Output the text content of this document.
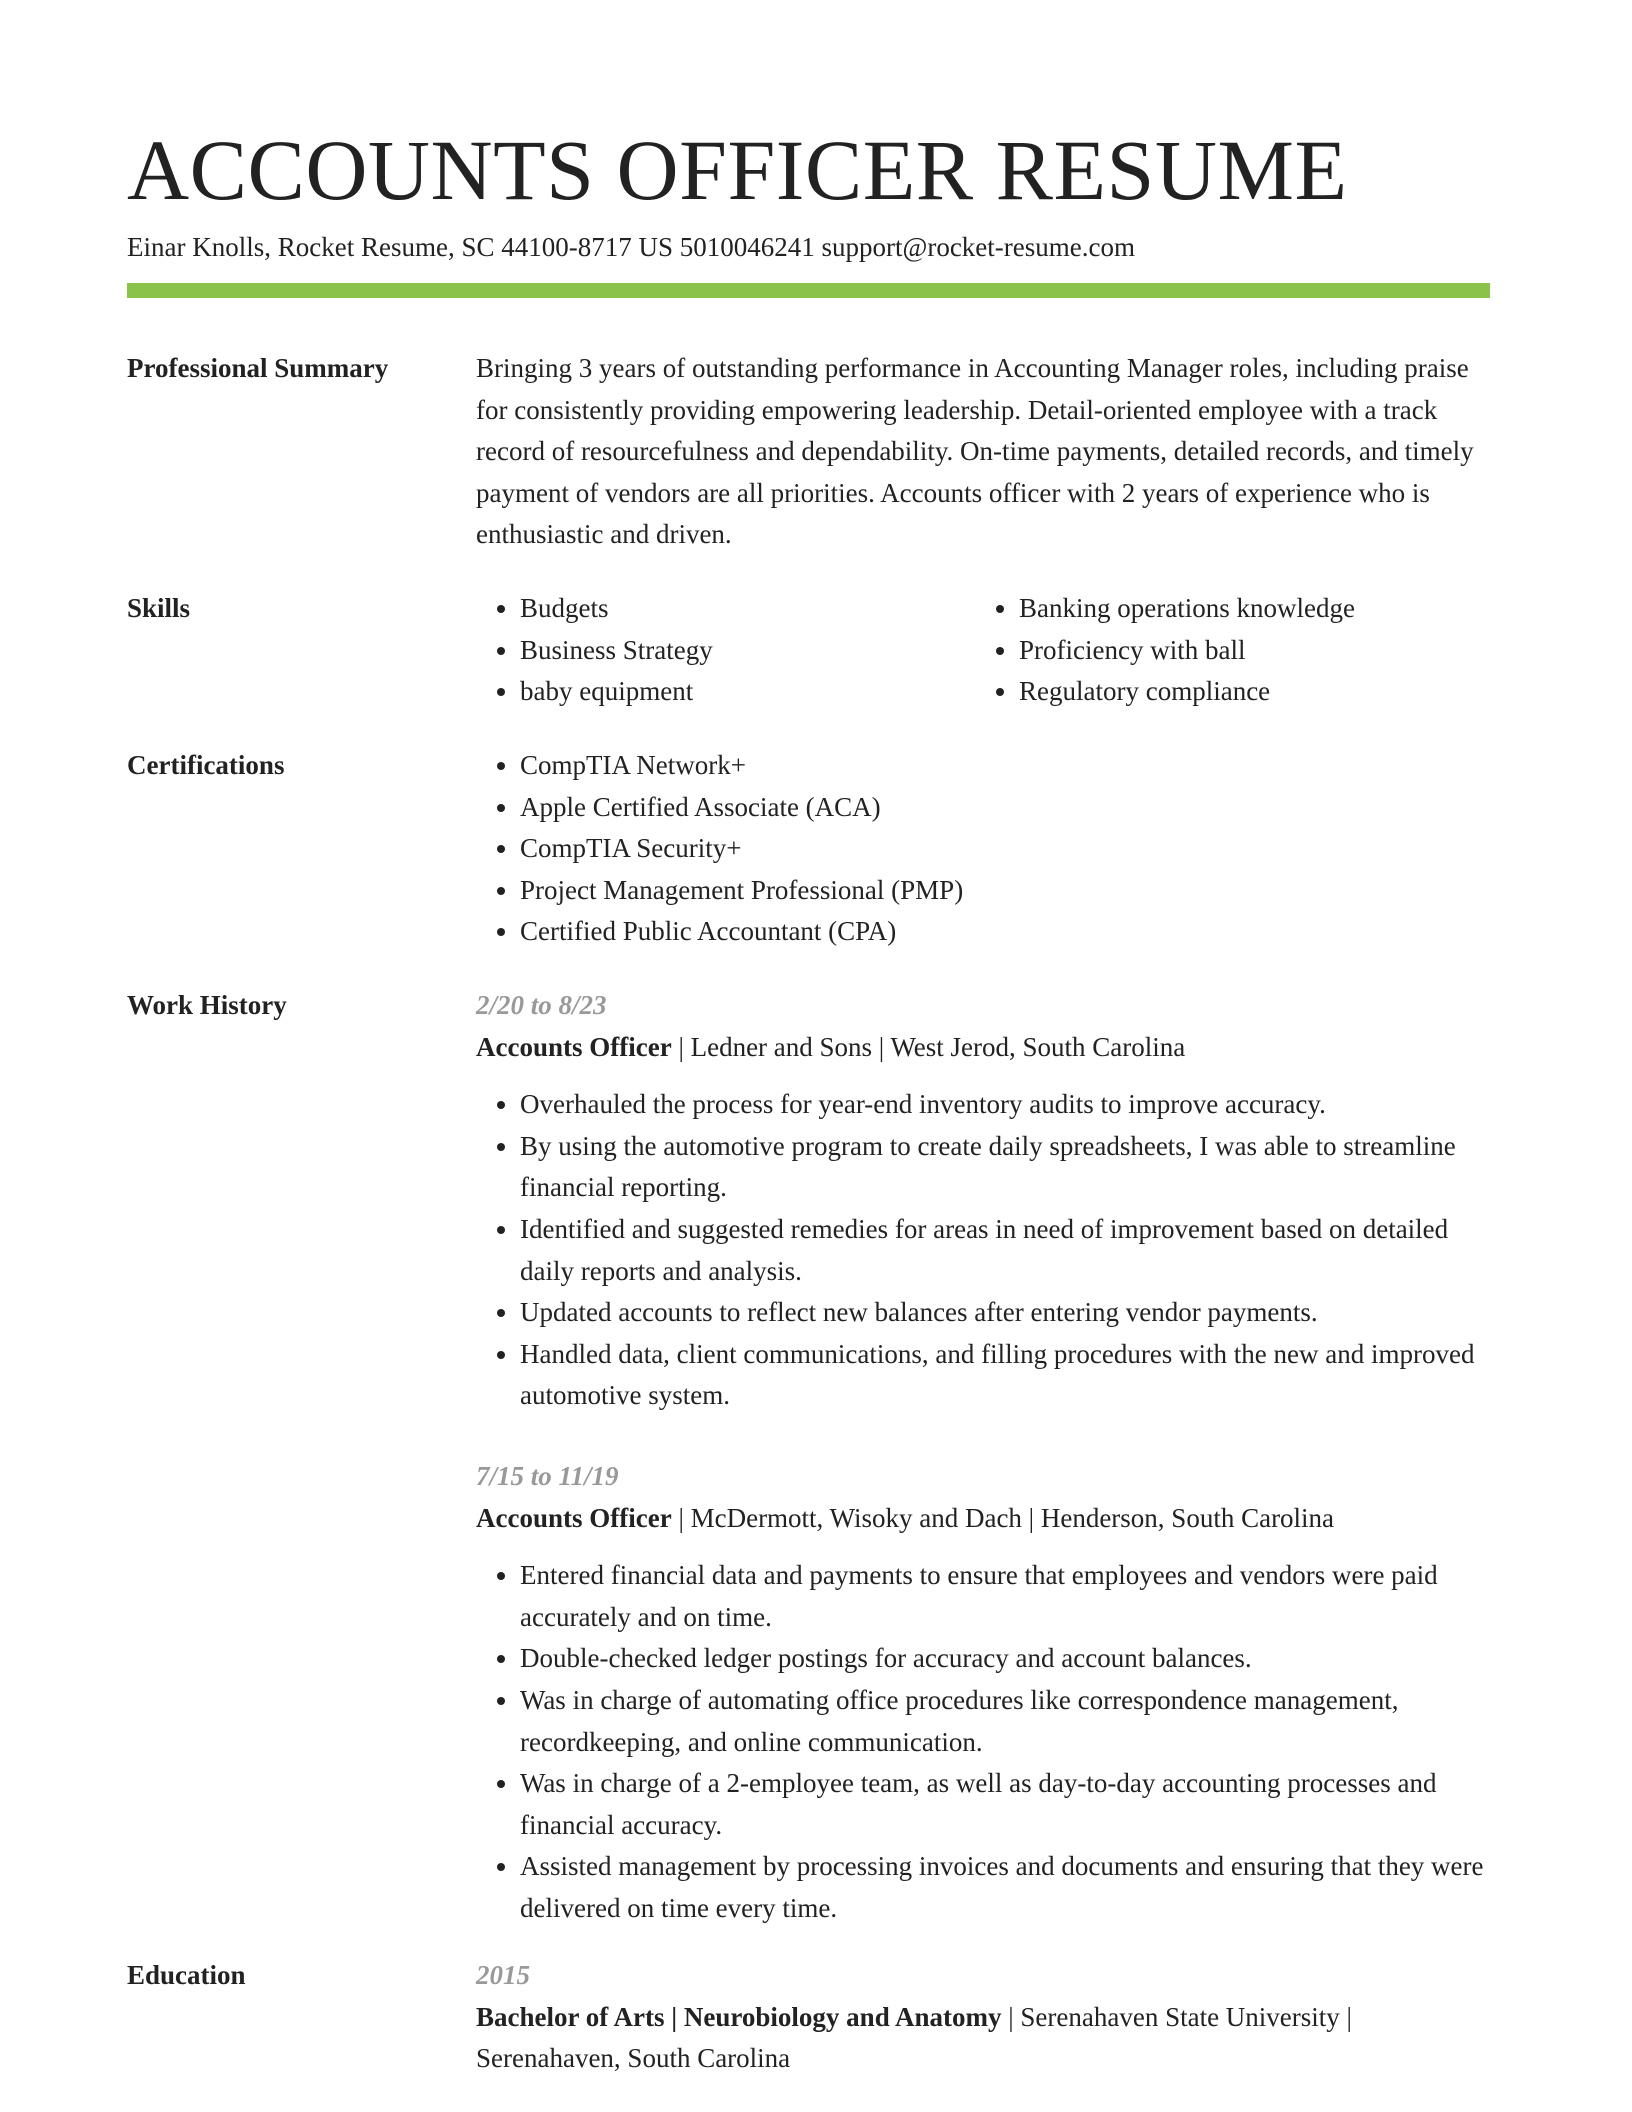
ACCOUNTS OFFICER RESUME
Einar Knolls, Rocket Resume, SC 44100-8717 US 5010046241 support@rocket-resume.com
Professional Summary	Bringing 3 years of outstanding performance in Accounting Manager roles, including praise for consistently providing empowering leadership. Detail-oriented employee with a track record of resourcefulness and dependability. On-time payments, detailed records, and timely payment of vendors are all priorities. Accounts officer with 2 years of experience who is enthusiastic and driven.
Skills	• Budgets
• Business Strategy
• baby equipment
• Banking operations knowledge
• Proficiency with ball
• Regulatory compliance
Certifications	• CompTIA Network+
• Apple Certified Associate (ACA)
• CompTIA Security+
• Project Management Professional (PMP)
• Certified Public Accountant (CPA)
Work History	2/20 to 8/23
Accounts Officer | Ledner and Sons | West Jerod, South Carolina
• Overhauled the process for year-end inventory audits to improve accuracy.
• By using the automotive program to create daily spreadsheets, I was able to streamline financial reporting.
• Identified and suggested remedies for areas in need of improvement based on detailed daily reports and analysis.
• Updated accounts to reflect new balances after entering vendor payments.
• Handled data, client communications, and filling procedures with the new and improved automotive system.
7/15 to 11/19
Accounts Officer | McDermott, Wisoky and Dach | Henderson, South Carolina
• Entered financial data and payments to ensure that employees and vendors were paid accurately and on time.
• Double-checked ledger postings for accuracy and account balances.
• Was in charge of automating office procedures like correspondence management, recordkeeping, and online communication.
• Was in charge of a 2-employee team, as well as day-to-day accounting processes and financial accuracy.
• Assisted management by processing invoices and documents and ensuring that they were delivered on time every time.
Education	2015
Bachelor of Arts | Neurobiology and Anatomy | Serenahaven State University | Serenahaven, South Carolina
